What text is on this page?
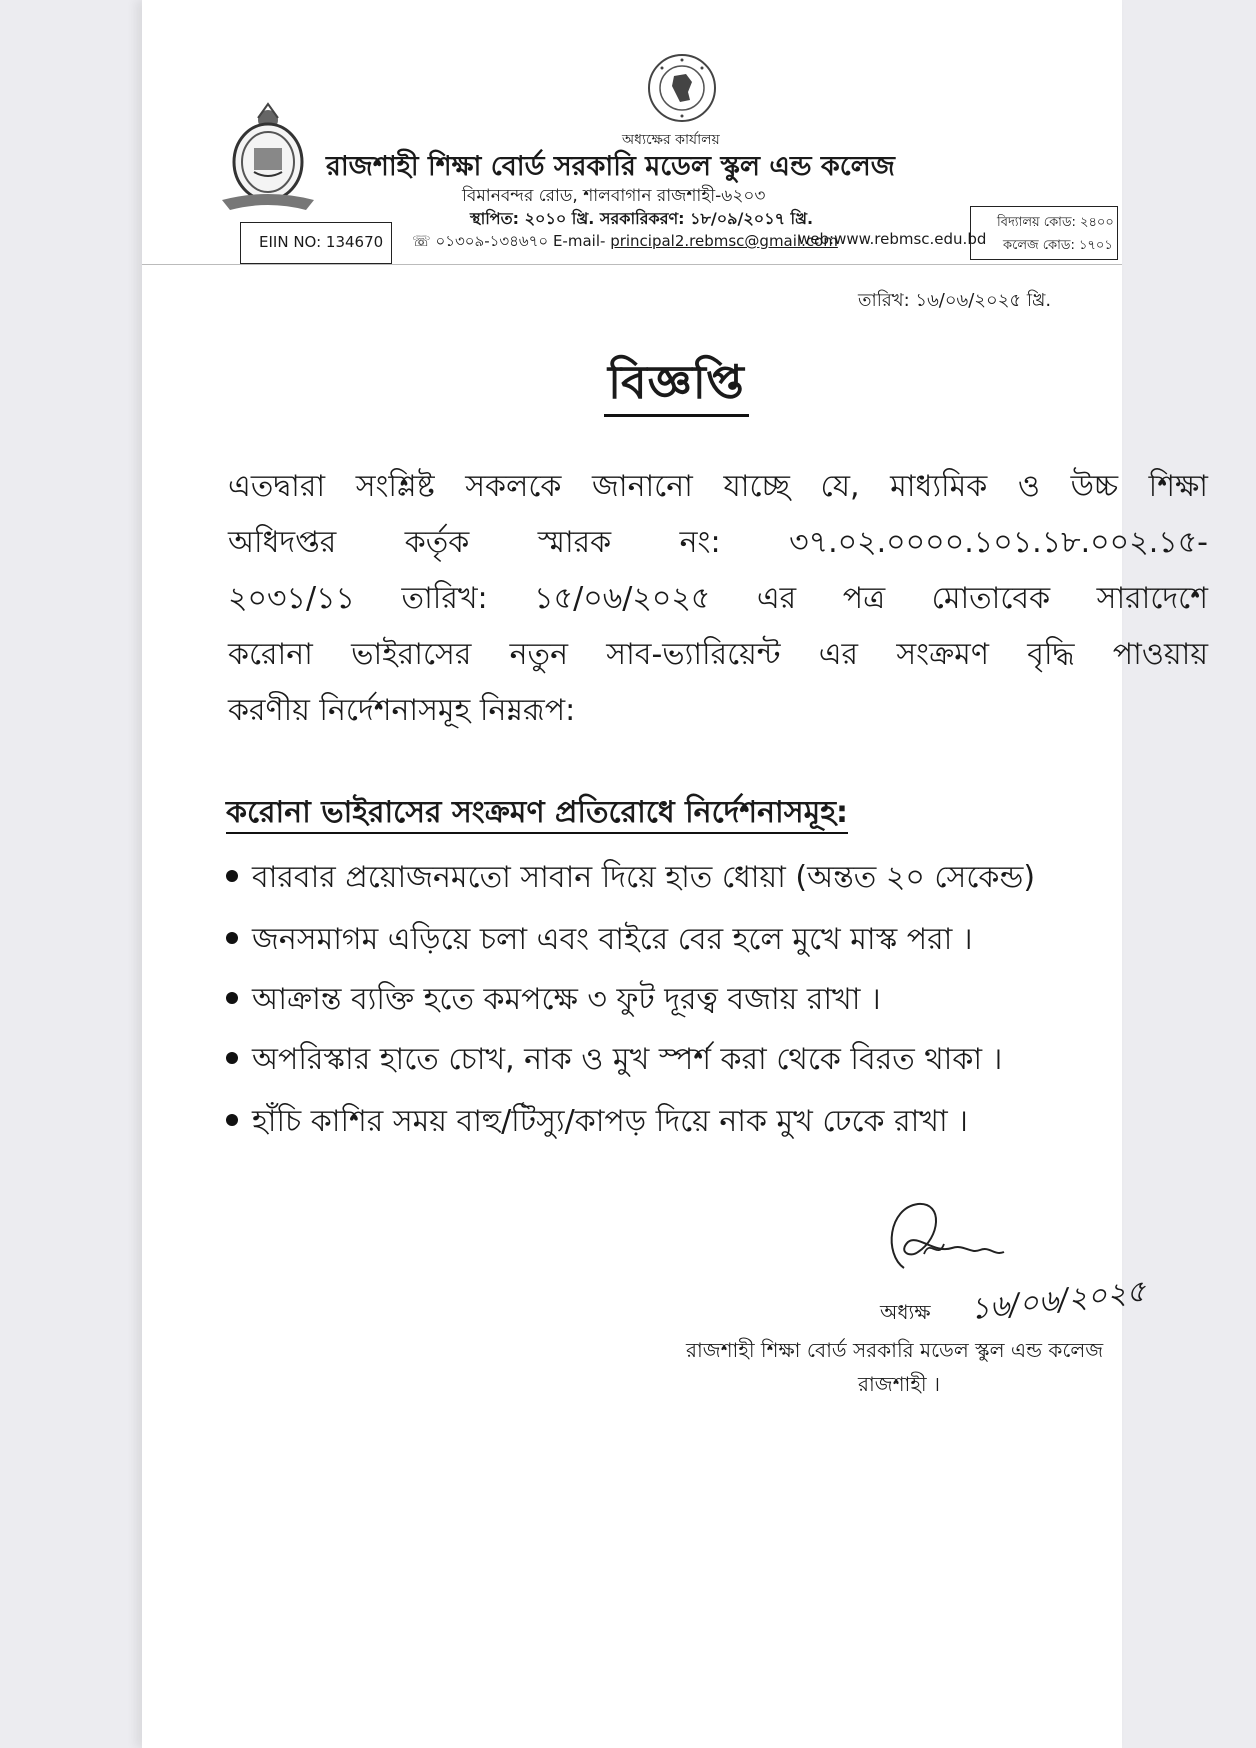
অধ্যক্ষের কার্যালয়
রাজশাহী শিক্ষা বোর্ড সরকারি মডেল স্কুল এন্ড কলেজ
বিমানবন্দর রোড, শালবাগান রাজশাহী-৬২০৩
স্থাপিত: ২০১০ খ্রি. সরকারিকরণ: ১৮/০৯/২০১৭ খ্রি.
EIIN NO: 134670
বিদ্যালয় কোড: ২৪০০
কলেজ কোড: ১৭০১
☏ ০১৩০৯-১৩৪৬৭০ E-mail- principal2.rebmsc@gmail.com
web:www.rebmsc.edu.bd
তারিখ: ১৬/০৬/২০২৫ খ্রি.
বিজ্ঞপ্তি
এতদ্বারা সংশ্লিষ্ট সকলকে জানানো যাচ্ছে যে, মাধ্যমিক ও উচ্চ শিক্ষা
অধিদপ্তর কর্তৃক স্মারক নং: ৩৭.০২.০০০০.১০১.১৮.০০২.১৫-
২০৩১/১১ তারিখ: ১৫/০৬/২০২৫ এর পত্র মোতাবেক সারাদেশে
করোনা ভাইরাসের নতুন সাব-ভ্যারিয়েন্ট এর সংক্রমণ বৃদ্ধি পাওয়ায়
করণীয় নির্দেশনাসমূহ নিম্নরূপ:
করোনা ভাইরাসের সংক্রমণ প্রতিরোধে নির্দেশনাসমূহ:
বারবার প্রয়োজনমতো সাবান দিয়ে হাত ধোয়া (অন্তত ২০ সেকেন্ড)
জনসমাগম এড়িয়ে চলা এবং বাইরে বের হলে মুখে মাস্ক পরা ।
আক্রান্ত ব্যক্তি হতে কমপক্ষে ৩ ফুট দূরত্ব বজায় রাখা ।
অপরিস্কার হাতে চোখ, নাক ও মুখ স্পর্শ করা থেকে বিরত থাকা ।
হাঁচি কাশির সময় বাহু/টিস্যু/কাপড় দিয়ে নাক মুখ ঢেকে রাখা ।
১৬/০৬/২০২৫
অধ্যক্ষ
রাজশাহী শিক্ষা বোর্ড সরকারি মডেল স্কুল এন্ড কলেজ
রাজশাহী ।
